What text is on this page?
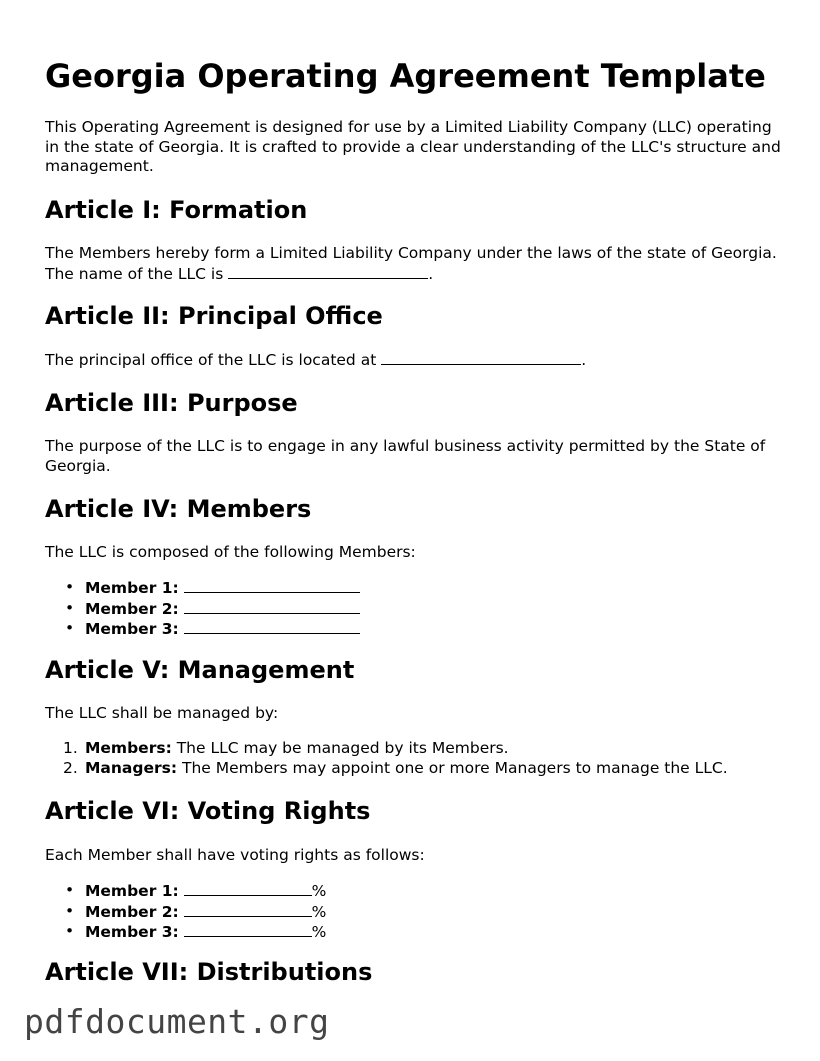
Georgia Operating Agreement Template

This Operating Agreement is designed for use by a Limited Liability Company (LLC) operating in the state of Georgia. It is crafted to provide a clear understanding of the LLC's structure and management.

Article I: Formation

The Members hereby form a Limited Liability Company under the laws of the state of Georgia. The name of the LLC is	.

Article II: Principal Office

The principal office of the LLC is located at	.

Article III: Purpose

The purpose of the LLC is to engage in any lawful business activity permitted by the State of Georgia.

Article IV: Members

The LLC is composed of the following Members:

• Member 1:
• Member 2:
• Member 3:
Article V: Management

The LLC shall be managed by:

1. Members: The LLC may be managed by its Members.
2. Managers: The Members may appoint one or more Managers to manage the LLC.
Article VI: Voting Rights

Each Member shall have voting rights as follows:

• Member 1:	%
• Member 2:	%
• Member 3:	%
Article VII: Distributions
pdfdocument.org
